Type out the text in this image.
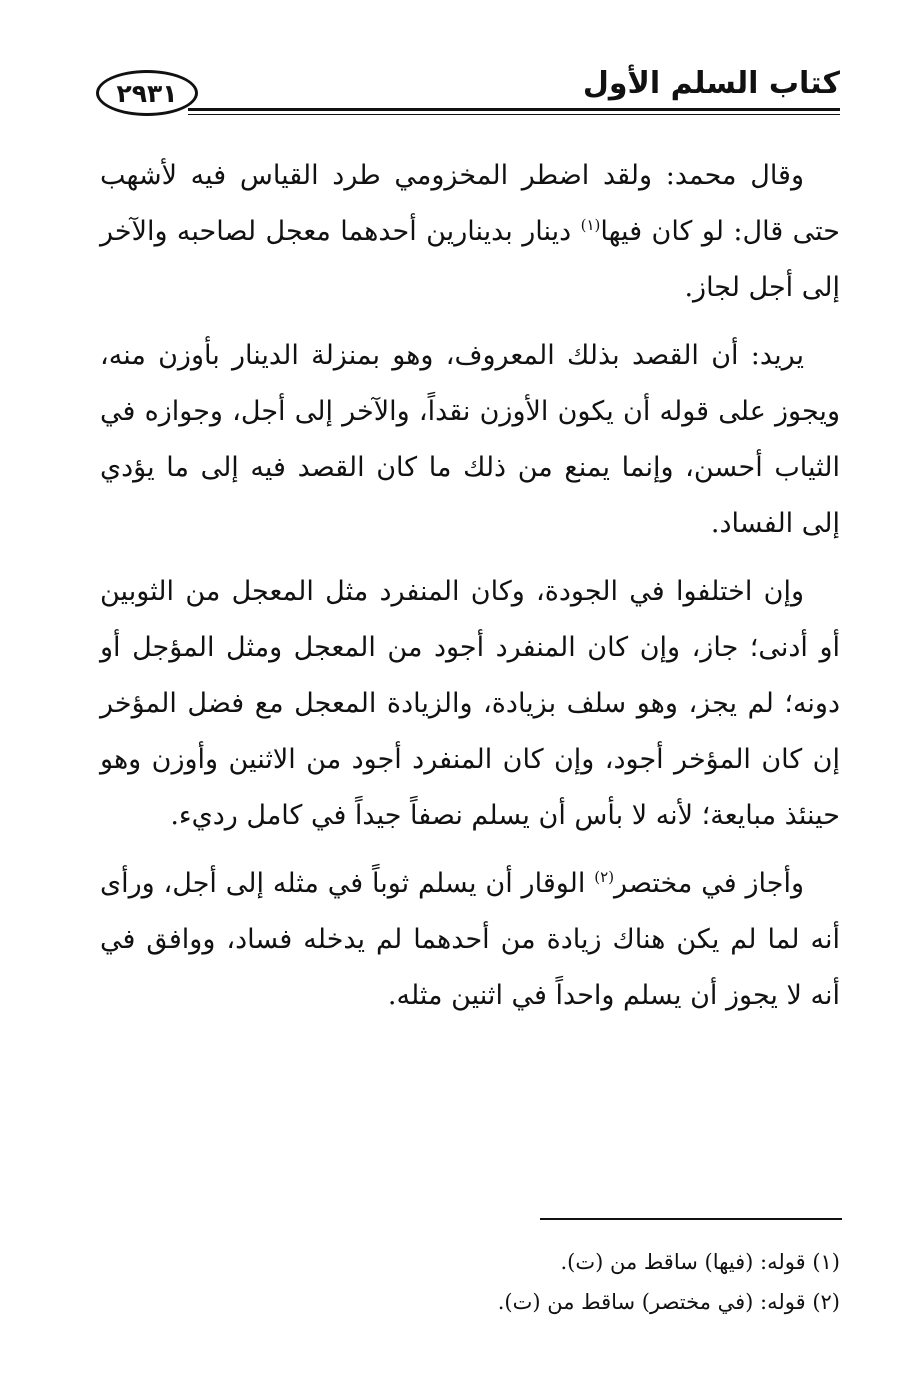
كتاب السلم الأول
٢٩٣١

وقال محمد: ولقد اضطر المخزومي طرد القياس فيه لأشهب حتى قال: لو كان فيها$^{(١)}$ دينار بدينارين أحدهما معجل لصاحبه والآخر إلى أجل لجاز.

يريد: أن القصد بذلك المعروف، وهو بمنزلة الدينار بأوزن منه، ويجوز على قوله أن يكون الأوزن نقداً، والآخر إلى أجل، وجوازه في الثياب أحسن، وإنما يمنع من ذلك ما كان القصد فيه إلى ما يؤدي إلى الفساد.

وإن اختلفوا في الجودة، وكان المنفرد مثل المعجل من الثوبين أو أدنى؛ جاز، وإن كان المنفرد أجود من المعجل ومثل المؤجل أو دونه؛ لم يجز، وهو سلف بزيادة، والزيادة المعجل مع فضل المؤخر إن كان المؤخر أجود، وإن كان المنفرد أجود من الاثنين وأوزن وهو حينئذ مبايعة؛ لأنه لا بأس أن يسلم نصفاً جيداً في كامل رديء.

وأجاز في مختصر$^{(٢)}$ الوقار أن يسلم ثوباً في مثله إلى أجل، ورأى أنه لما لم يكن هناك زيادة من أحدهما لم يدخله فساد، ووافق في أنه لا يجوز أن يسلم واحداً في اثنين مثله.

(١) قوله: (فيها) ساقط من (ت).

(٢) قوله: (في مختصر) ساقط من (ت).
